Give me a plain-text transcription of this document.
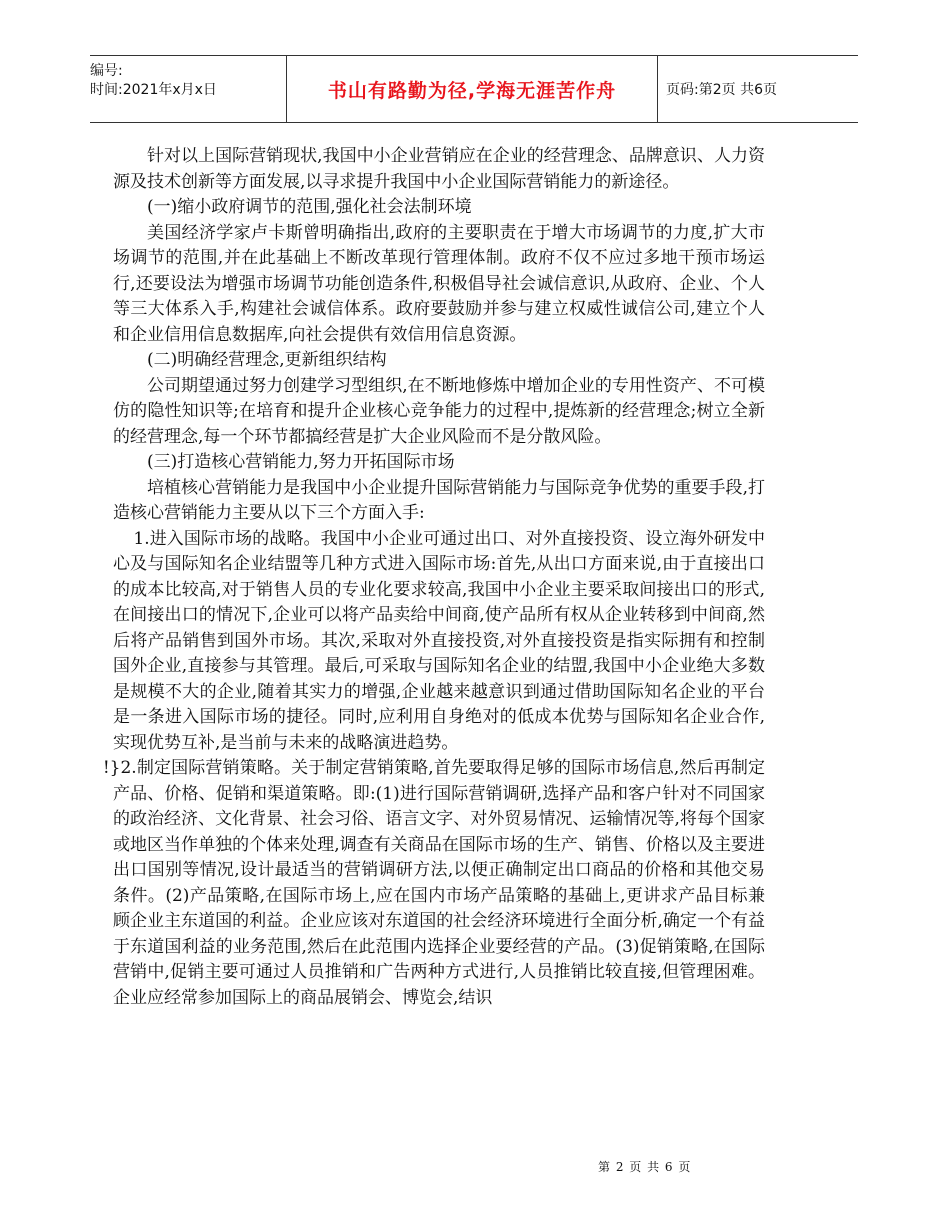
编号:
时间:2021年x月x日	书山有路勤为径,学海无涯苦作舟	页码:第2页 共6页

针对以上国际营销现状,我国中小企业营销应在企业的经营理念、品牌意识、人力资源及技术创新等方面发展,以寻求提升我国中小企业国际营销能力的新途径。

(一)缩小政府调节的范围,强化社会法制环境

美国经济学家卢卡斯曾明确指出,政府的主要职责在于增大市场调节的力度,扩大市场调节的范围,并在此基础上不断改革现行管理体制。政府不仅不应过多地干预市场运行,还要设法为增强市场调节功能创造条件,积极倡导社会诚信意识,从政府、企业、个人等三大体系入手,构建社会诚信体系。政府要鼓励并参与建立权威性诚信公司,建立个人和企业信用信息数据库,向社会提供有效信用信息资源。

(二)明确经营理念,更新组织结构

公司期望通过努力创建学习型组织,在不断地修炼中增加企业的专用性资产、不可模仿的隐性知识等;在培育和提升企业核心竞争能力的过程中,提炼新的经营理念;树立全新的经营理念,每一个环节都搞经营是扩大企业风险而不是分散风险。

(三)打造核心营销能力,努力开拓国际市场

培植核心营销能力是我国中小企业提升国际营销能力与国际竞争优势的重要手段,打造核心营销能力主要从以下三个方面入手:

1.进入国际市场的战略。我国中小企业可通过出口、对外直接投资、设立海外研发中心及与国际知名企业结盟等几种方式进入国际市场:首先,从出口方面来说,由于直接出口的成本比较高,对于销售人员的专业化要求较高,我国中小企业主要采取间接出口的形式,在间接出口的情况下,企业可以将产品卖给中间商,使产品所有权从企业转移到中间商,然后将产品销售到国外市场。其次,采取对外直接投资,对外直接投资是指实际拥有和控制国外企业,直接参与其管理。最后,可采取与国际知名企业的结盟,我国中小企业绝大多数是规模不大的企业,随着其实力的增强,企业越来越意识到通过借助国际知名企业的平台是一条进入国际市场的捷径。同时,应利用自身绝对的低成本优势与国际知名企业合作,实现优势互补,是当前与未来的战略演进趋势。

!}2.制定国际营销策略。关于制定营销策略,首先要取得足够的国际市场信息,然后再制定产品、价格、促销和渠道策略。即:(1)进行国际营销调研,选择产品和客户针对不同国家的政治经济、文化背景、社会习俗、语言文字、对外贸易情况、运输情况等,将每个国家或地区当作单独的个体来处理,调查有关商品在国际市场的生产、销售、价格以及主要进出口国别等情况,设计最适当的营销调研方法,以便正确制定出口商品的价格和其他交易条件。(2)产品策略,在国际市场上,应在国内市场产品策略的基础上,更讲求产品目标兼顾企业主东道国的利益。企业应该对东道国的社会经济环境进行全面分析,确定一个有益于东道国利益的业务范围,然后在此范围内选择企业要经营的产品。(3)促销策略,在国际营销中,促销主要可通过人员推销和广告两种方式进行,人员推销比较直接,但管理困难。企业应经常参加国际上的商品展销会、博览会,结识

第 2 页 共 6 页
